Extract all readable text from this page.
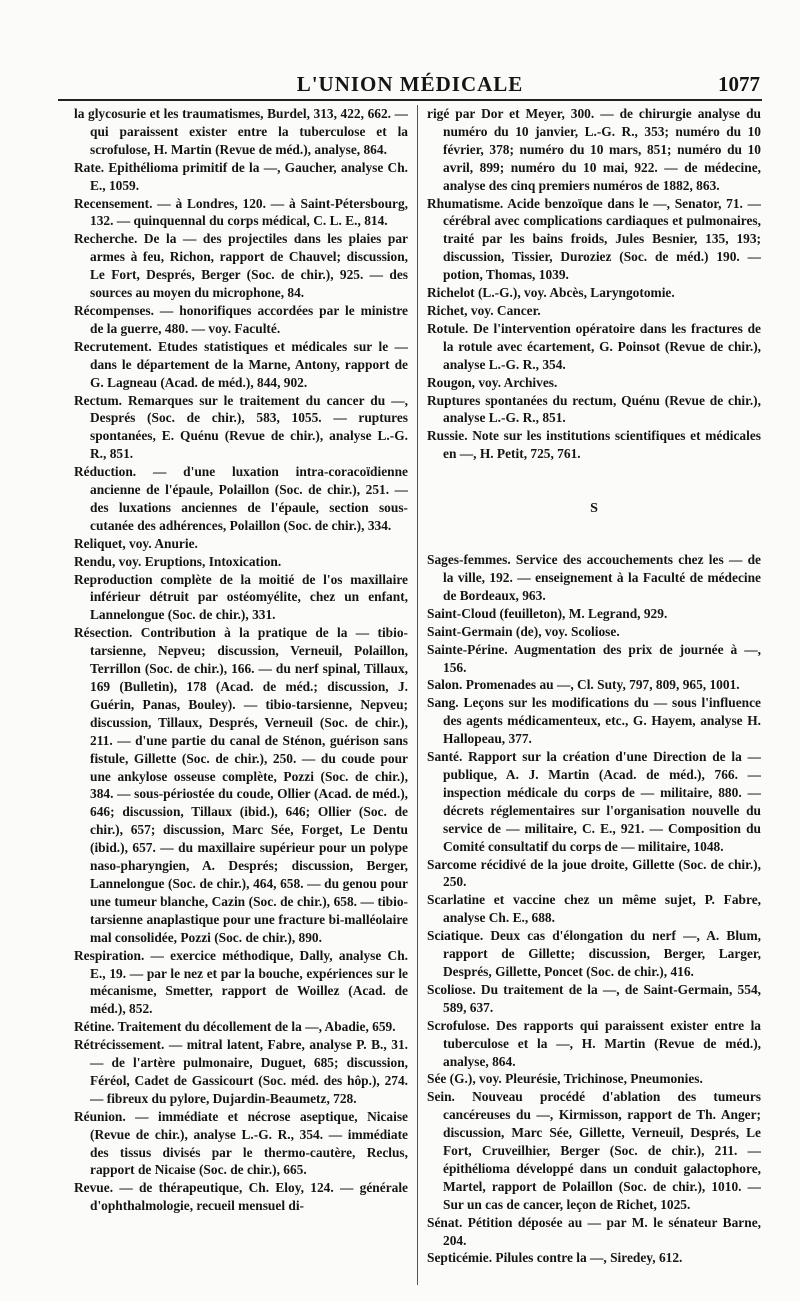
L'UNION MÉDICALE	1077

la glycosurie et les traumatismes, Burdel, 313, 422, 662. — qui paraissent exister entre la tuberculose et la scrofulose, H. Martin (Revue de méd.), analyse, 864.

Rate. Epithélioma primitif de la —, Gaucher, analyse Ch. E., 1059.

Recensement. — à Londres, 120. — à Saint-Pétersbourg, 132. — quinquennal du corps médical, C. L. E., 814.

Recherche. De la — des projectiles dans les plaies par armes à feu, Richon, rapport de Chauvel; discussion, Le Fort, Després, Berger (Soc. de chir.), 925. — des sources au moyen du microphone, 84.

Récompenses. — honorifiques accordées par le ministre de la guerre, 480. — voy. Faculté.

Recrutement. Etudes statistiques et médicales sur le — dans le département de la Marne, Antony, rapport de G. Lagneau (Acad. de méd.), 844, 902.

Rectum. Remarques sur le traitement du cancer du —, Després (Soc. de chir.), 583, 1055. — ruptures spontanées, E. Quénu (Revue de chir.), analyse L.-G. R., 851.

Réduction. — d'une luxation intra-coracoïdienne ancienne de l'épaule, Polaillon (Soc. de chir.), 251. — des luxations anciennes de l'épaule, section sous-cutanée des adhérences, Polaillon (Soc. de chir.), 334.

Reliquet, voy. Anurie.

Rendu, voy. Eruptions, Intoxication.

Reproduction complète de la moitié de l'os maxillaire inférieur détruit par ostéomyélite, chez un enfant, Lannelongue (Soc. de chir.), 331.

Résection. Contribution à la pratique de la — tibio-tarsienne, Nepveu; discussion, Verneuil, Polaillon, Terrillon (Soc. de chir.), 166. — du nerf spinal, Tillaux, 169 (Bulletin), 178 (Acad. de méd.; discussion, J. Guérin, Panas, Bouley). — tibio-tarsienne, Nepveu; discussion, Tillaux, Després, Verneuil (Soc. de chir.), 211. — d'une partie du canal de Sténon, guérison sans fistule, Gillette (Soc. de chir.), 250. — du coude pour une ankylose osseuse complète, Pozzi (Soc. de chir.), 384. — sous-périostée du coude, Ollier (Acad. de méd.), 646; discussion, Tillaux (ibid.), 646; Ollier (Soc. de chir.), 657; discussion, Marc Sée, Forget, Le Dentu (ibid.), 657. — du maxillaire supérieur pour un polype naso-pharyngien, A. Després; discussion, Berger, Lannelongue (Soc. de chir.), 464, 658. — du genou pour une tumeur blanche, Cazin (Soc. de chir.), 658. — tibio-tarsienne anaplastique pour une fracture bi-malléolaire mal consolidée, Pozzi (Soc. de chir.), 890.

Respiration. — exercice méthodique, Dally, analyse Ch. E., 19. — par le nez et par la bouche, expériences sur le mécanisme, Smetter, rapport de Woillez (Acad. de méd.), 852.

Rétine. Traitement du décollement de la —, Abadie, 659.

Rétrécissement. — mitral latent, Fabre, analyse P. B., 31. — de l'artère pulmonaire, Duguet, 685; discussion, Féréol, Cadet de Gassicourt (Soc. méd. des hôp.), 274. — fibreux du pylore, Dujardin-Beaumetz, 728.

Réunion. — immédiate et nécrose aseptique, Nicaise (Revue de chir.), analyse L.-G. R., 354. — immédiate des tissus divisés par le thermo-cautère, Reclus, rapport de Nicaise (Soc. de chir.), 665.

Revue. — de thérapeutique, Ch. Eloy, 124. — générale d'ophthalmologie, recueil mensuel di-

rigé par Dor et Meyer, 300. — de chirurgie analyse du numéro du 10 janvier, L.-G. R., 353; numéro du 10 février, 378; numéro du 10 mars, 851; numéro du 10 avril, 899; numéro du 10 mai, 922. — de médecine, analyse des cinq premiers numéros de 1882, 863.

Rhumatisme. Acide benzoïque dans le —, Senator, 71. — cérébral avec complications cardiaques et pulmonaires, traité par les bains froids, Jules Besnier, 135, 193; discussion, Tissier, Duroziez (Soc. de méd.) 190. — potion, Thomas, 1039.

Richelot (L.-G.), voy. Abcès, Laryngotomie.

Richet, voy. Cancer.

Rotule. De l'intervention opératoire dans les fractures de la rotule avec écartement, G. Poinsot (Revue de chir.), analyse L.-G. R., 354.

Rougon, voy. Archives.

Ruptures spontanées du rectum, Quénu (Revue de chir.), analyse L.-G. R., 851.

Russie. Note sur les institutions scientifiques et médicales en —, H. Petit, 725, 761.

S

Sages-femmes. Service des accouchements chez les — de la ville, 192. — enseignement à la Faculté de médecine de Bordeaux, 963.

Saint-Cloud (feuilleton), M. Legrand, 929.

Saint-Germain (de), voy. Scoliose.

Sainte-Périne. Augmentation des prix de journée à —, 156.

Salon. Promenades au —, Cl. Suty, 797, 809, 965, 1001.

Sang. Leçons sur les modifications du — sous l'influence des agents médicamenteux, etc., G. Hayem, analyse H. Hallopeau, 377.

Santé. Rapport sur la création d'une Direction de la — publique, A. J. Martin (Acad. de méd.), 766. — inspection médicale du corps de — militaire, 880. — décrets réglementaires sur l'organisation nouvelle du service de — militaire, C. E., 921. — Composition du Comité consultatif du corps de — militaire, 1048.

Sarcome récidivé de la joue droite, Gillette (Soc. de chir.), 250.

Scarlatine et vaccine chez un même sujet, P. Fabre, analyse Ch. E., 688.

Sciatique. Deux cas d'élongation du nerf —, A. Blum, rapport de Gillette; discussion, Berger, Larger, Després, Gillette, Poncet (Soc. de chir.), 416.

Scoliose. Du traitement de la —, de Saint-Germain, 554, 589, 637.

Scrofulose. Des rapports qui paraissent exister entre la tuberculose et la —, H. Martin (Revue de méd.), analyse, 864.

Sée (G.), voy. Pleurésie, Trichinose, Pneumonies.

Sein. Nouveau procédé d'ablation des tumeurs cancéreuses du —, Kirmisson, rapport de Th. Anger; discussion, Marc Sée, Gillette, Verneuil, Després, Le Fort, Cruveilhier, Berger (Soc. de chir.), 211. — épithélioma développé dans un conduit galactophore, Martel, rapport de Polaillon (Soc. de chir.), 1010. — Sur un cas de cancer, leçon de Richet, 1025.

Sénat. Pétition déposée au — par M. le sénateur Barne, 204.

Septicémie. Pilules contre la —, Siredey, 612.
